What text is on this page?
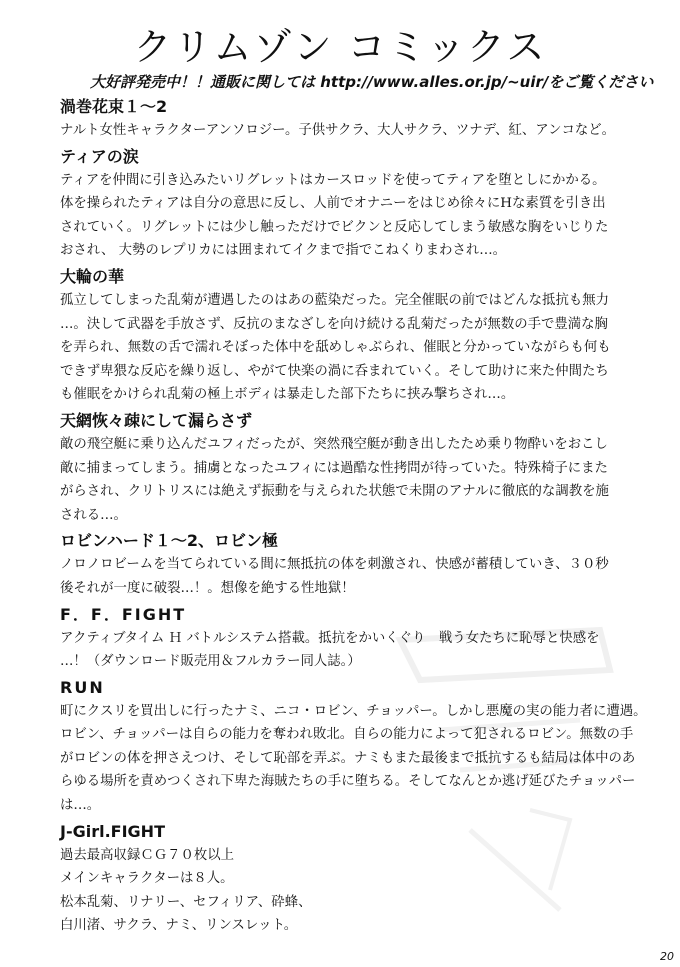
クリムゾン コミックス
大好評発売中！！通販に関しては http://www.alles.or.jp/~uir/をご覧ください
渦巻花束１～2
ナルト女性キャラクターアンソロジー。子供サクラ、大人サクラ、ツナデ、紅、アンコなど。
ティアの涙
ティアを仲間に引き込みたいリグレットはカースロッドを使ってティアを堕としにかかる。
体を操られたティアは自分の意思に反し、人前でオナニーをはじめ徐々にHな素質を引き出
されていく。リグレットには少し触っただけでビクンと反応してしまう敏感な胸をいじりた
おされ、 大勢のレプリカには囲まれてイクまで指でこねくりまわされ…。
大輪の華
孤立してしまった乱菊が遭遇したのはあの藍染だった。完全催眠の前ではどんな抵抗も無力
…。決して武器を手放さず、反抗のまなざしを向け続ける乱菊だったが無数の手で豊満な胸
を弄られ、無数の舌で濡れそぼった体中を舐めしゃぶられ、催眠と分かっていながらも何も
できず卑猥な反応を繰り返し、やがて快楽の渦に呑まれていく。そして助けに来た仲間たち
も催眠をかけられ乱菊の極上ボディは暴走した部下たちに挟み撃ちされ…。
天網恢々疎にして漏らさず
敵の飛空艇に乗り込んだユフィだったが、突然飛空艇が動き出したため乗り物酔いをおこし
敵に捕まってしまう。捕虜となったユフィには過酷な性拷問が待っていた。特殊椅子にまた
がらされ、クリトリスには絶えず振動を与えられた状態で未開のアナルに徹底的な調教を施
される…。
ロビンハード１～2、ロビン極
ノロノロビームを当てられている間に無抵抗の体を刺激され、快感が蓄積していき、３０秒
後それが一度に破裂…！。想像を絶する性地獄！
F．F．FIGHT
アクティブタイム Ｈ バトルシステム搭載。抵抗をかいくぐり　戦う女たちに恥辱と快感を
…！（ダウンロード販売用＆フルカラー同人誌。）
RUN
町にクスリを買出しに行ったナミ、ニコ・ロビン、チョッパー。しかし悪魔の実の能力者に遭遇。
ロビン、チョッパーは自らの能力を奪われ敗北。自らの能力によって犯されるロビン。無数の手
がロビンの体を押さえつけ、そして恥部を弄ぶ。ナミもまた最後まで抵抗するも結局は体中のあ
らゆる場所を責めつくされ下卑た海賊たちの手に堕ちる。そしてなんとか逃げ延びたチョッパー
は…。
J-Girl.FIGHT
過去最高収録ＣＧ７０枚以上
メインキャラクターは８人。
松本乱菊、リナリー、セフィリア、砕蜂、
白川渚、サクラ、ナミ、リンスレット。
20
